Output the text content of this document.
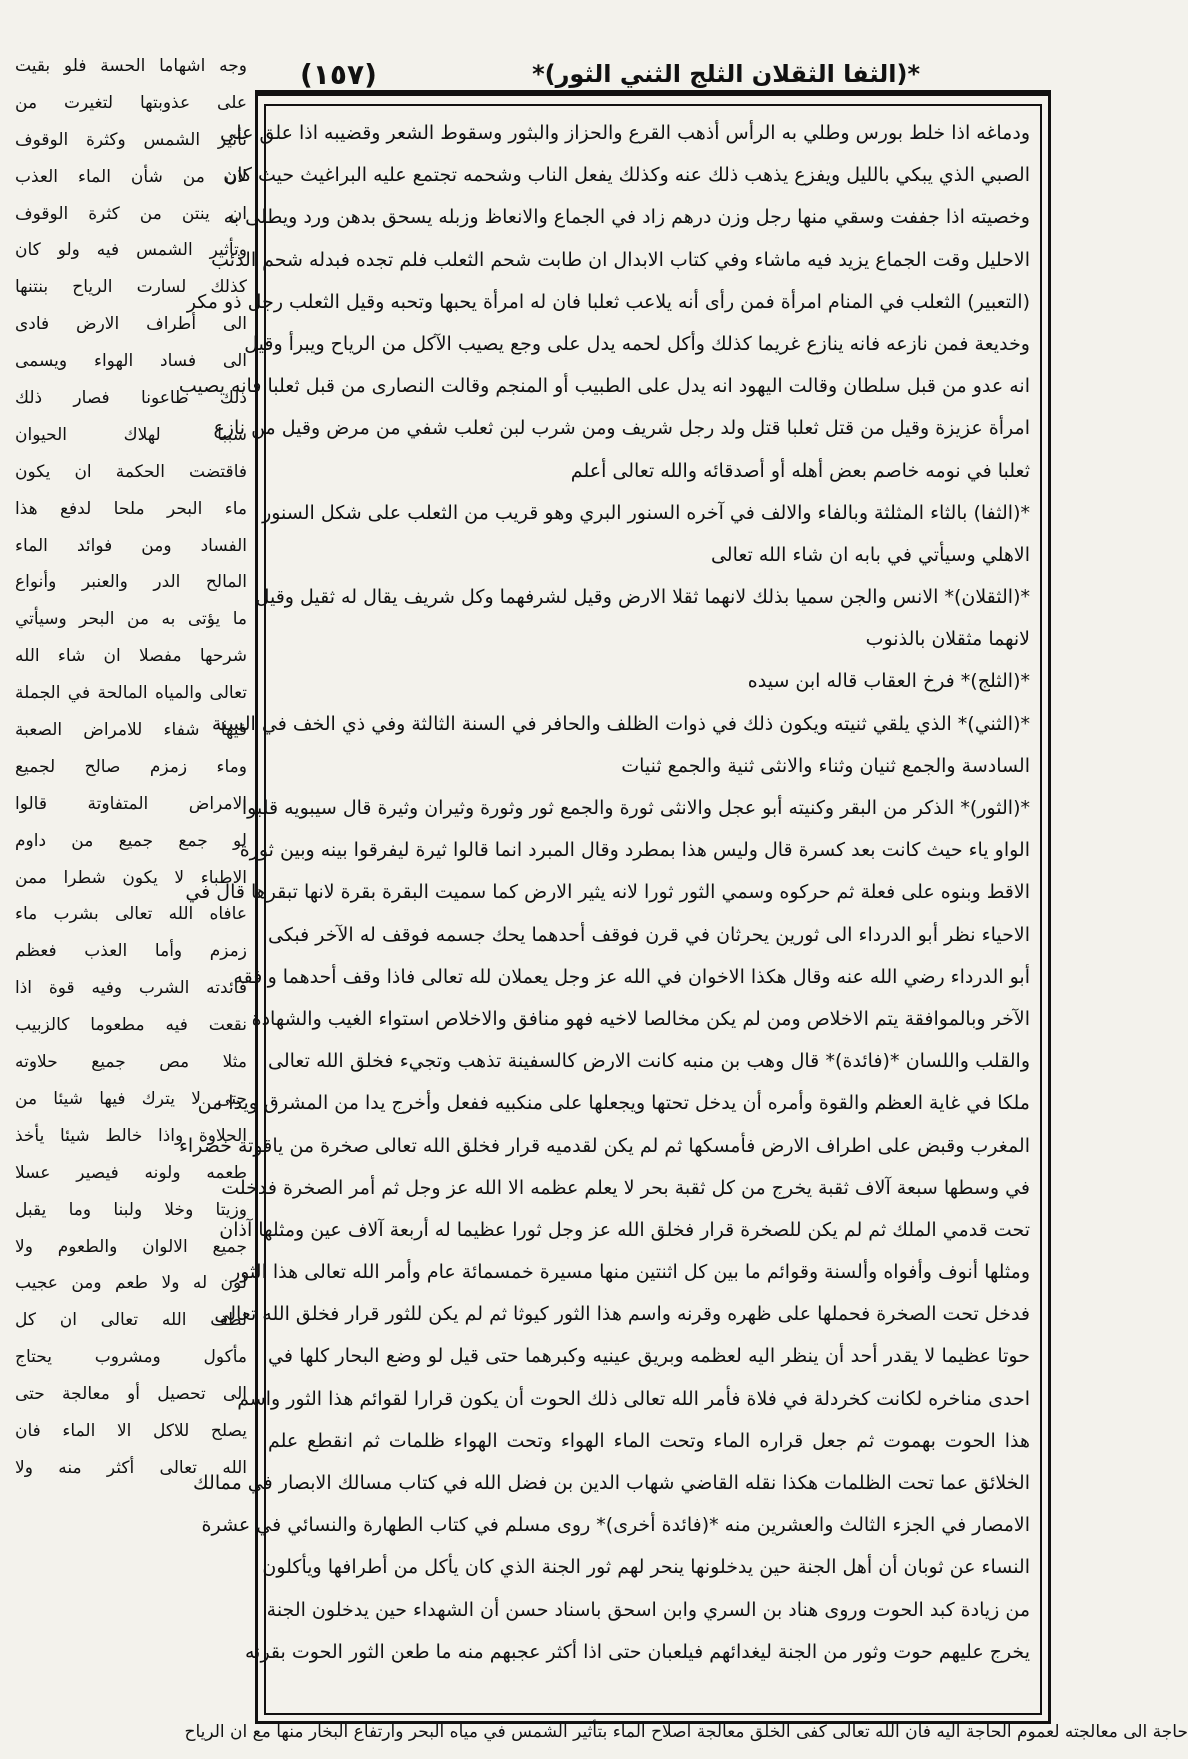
(١٥٧)	*(الثفا الثقلان الثلج الثني الثور)*
ودماغه اذا خلط بورس وطلي به الرأس أذهب القرع والحزاز والبثور وسقوط الشعر وقضيبه اذا علق على
الصبي الذي يبكي بالليل ويفزع يذهب ذلك عنه وكذلك يفعل الناب وشحمه تجتمع عليه البراغيث حيث كان
وخصيته اذا جففت وسقي منها رجل وزن درهم زاد في الجماع والانعاظ وزبله يسحق بدهن ورد ويطلى به
الاحليل وقت الجماع يزيد فيه ماشاء وفي كتاب الابدال ان طابت شحم الثعلب فلم تجده فبدله شحم الذئب
(التعبير) الثعلب في المنام امرأة فمن رأى أنه يلاعب ثعلبا فان له امرأة يحبها وتحبه وقيل الثعلب رجل ذو مكر
وخديعة فمن نازعه فانه ينازع غريما كذلك وأكل لحمه يدل على وجع يصيب الآكل من الرياح ويبرأ وقيل
انه عدو من قبل سلطان وقالت اليهود انه يدل على الطبيب أو المنجم وقالت النصارى من قبل ثعلبا فانه يصيب
امرأة عزيزة وقيل من قتل ثعلبا قتل ولد رجل شريف ومن شرب لبن ثعلب شفي من مرض وقيل من نازع
ثعلبا في نومه خاصم بعض أهله أو أصدقائه والله تعالى أعلم
*(الثفا) بالثاء المثلثة وبالفاء والالف في آخره السنور البري وهو قريب من الثعلب على شكل السنور
الاهلي وسيأتي في بابه ان شاء الله تعالى
*(الثقلان)* الانس والجن سميا بذلك لانهما ثقلا الارض وقيل لشرفهما وكل شريف يقال له ثقيل وقيل
لانهما مثقلان بالذنوب
*(الثلج)* فرخ العقاب قاله ابن سيده
*(الثني)* الذي يلقي ثنيته ويكون ذلك في ذوات الظلف والحافر في السنة الثالثة وفي ذي الخف في السنة
السادسة والجمع ثنيان وثناء والانثى ثنية والجمع ثنيات
*(الثور)* الذكر من البقر وكنيته أبو عجل والانثى ثورة والجمع ثور وثورة وثيران وثيرة قال سيبويه قلبوا
الواو ياء حيث كانت بعد كسرة قال وليس هذا بمطرد وقال المبرد انما قالوا ثيرة ليفرقوا بينه وبين ثورة
الاقط وبنوه على فعلة ثم حركوه وسمي الثور ثورا لانه يثير الارض كما سميت البقرة بقرة لانها تبقرها قال في
الاحياء نظر أبو الدرداء الى ثورين يحرثان في قرن فوقف أحدهما يحك جسمه فوقف له الآخر فبكى
أبو الدرداء رضي الله عنه وقال هكذا الاخوان في الله عز وجل يعملان لله تعالى فاذا وقف أحدهما وافقه
الآخر وبالموافقة يتم الاخلاص ومن لم يكن مخالصا لاخيه فهو منافق والاخلاص استواء الغيب والشهادة
والقلب واللسان *(فائدة)* قال وهب بن منبه كانت الارض كالسفينة تذهب وتجيء فخلق الله تعالى
ملكا في غاية العظم والقوة وأمره أن يدخل تحتها ويجعلها على منكبيه ففعل وأخرج يدا من المشرق ويدا من
المغرب وقبض على اطراف الارض فأمسكها ثم لم يكن لقدميه قرار فخلق الله تعالى صخرة من ياقوتة خضراء
في وسطها سبعة آلاف ثقبة يخرج من كل ثقبة بحر لا يعلم عظمه الا الله عز وجل ثم أمر الصخرة فدخلت
تحت قدمي الملك ثم لم يكن للصخرة قرار فخلق الله عز وجل ثورا عظيما له أربعة آلاف عين ومثلها آذان
ومثلها أنوف وأفواه وألسنة وقوائم ما بين كل اثنتين منها مسيرة خمسمائة عام وأمر الله تعالى هذا الثور
فدخل تحت الصخرة فحملها على ظهره وقرنه واسم هذا الثور كيوثا ثم لم يكن للثور قرار فخلق الله تعالى
حوتا عظيما لا يقدر أحد أن ينظر اليه لعظمه وبريق عينيه وكبرهما حتى قيل لو وضع البحار كلها في
احدى مناخره لكانت كخردلة في فلاة فأمر الله تعالى ذلك الحوت أن يكون قرارا لقوائم هذا الثور واسم
هذا الحوت بهموت ثم جعل قراره الماء وتحت الماء الهواء وتحت الهواء ظلمات ثم انقطع علم
الخلائق عما تحت الظلمات هكذا نقله القاضي شهاب الدين بن فضل الله في كتاب مسالك الابصار في ممالك
الامصار في الجزء الثالث والعشرين منه *(فائدة أخرى)* روى مسلم في كتاب الطهارة والنسائي في عشرة
النساء عن ثوبان أن أهل الجنة حين يدخلونها ينحر لهم ثور الجنة الذي كان يأكل من أطرافها ويأكلون
من زيادة كبد الحوت وروى هناد بن السري وابن اسحق باسناد حسن أن الشهداء حين يدخلون الجنة
يخرج عليهم حوت وثور من الجنة ليغدائهم فيلعبان حتى اذا أكثر عجبهم منه ما طعن الثور الحوت بقرنه
وجه اشهاما الحسة فلو بقيت
على عذوبتها لتغيرت من
تأثير الشمس وكثرة الوقوف
لان من شأن الماء العذب
ان ينتن من كثرة الوقوف
وتأثير الشمس فيه ولو كان
كذلك لسارت الرياح بنتنها
الى أطراف الارض فادى
الى فساد الهواء ويسمى
ذلك طاعونا فصار ذلك
سببا لهلاك الحيوان
فاقتضت الحكمة ان يكون
ماء البحر ملحا لدفع هذا
الفساد ومن فوائد الماء
المالح الدر والعنبر وأنواع
ما يؤتى به من البحر وسيأتي
شرحها مفصلا ان شاء الله
تعالى والمياه المالحة في الجملة
فيها شفاء للامراض الصعبة
وماء زمزم صالح لجميع
الامراض المتفاوتة قالوا
لو جمع جميع من داوم
الاطباء لا يكون شطرا ممن
عافاه الله تعالى بشرب ماء
زمزم وأما العذب فعظم
فائدته الشرب وفيه قوة اذا
نقعت فيه مطعوما كالزبيب
مثلا مص جميع حلاوته
حتى لا يترك فيها شيئا من
الحلاوة واذا خالط شيئا يأخذ
طعمه ولونه فيصير عسلا
وزيتا وخلا ولبنا وما يقبل
جميع الالوان والطعوم ولا
لون له ولا طعم ومن عجيب
لطف الله تعالى ان كل
مأكول ومشروب يحتاج
الى تحصيل أو معالجة حتى
يصلح للاكل الا الماء فان
الله تعالى أكثر منه ولا
حاجة الى معالجته لعموم الحاجة اليه فان الله تعالى كفى الخلق معالجة اصلاح الماء بتأثير الشمس في مياه البحر وارتفاع البخار منها مع ان الرياح
